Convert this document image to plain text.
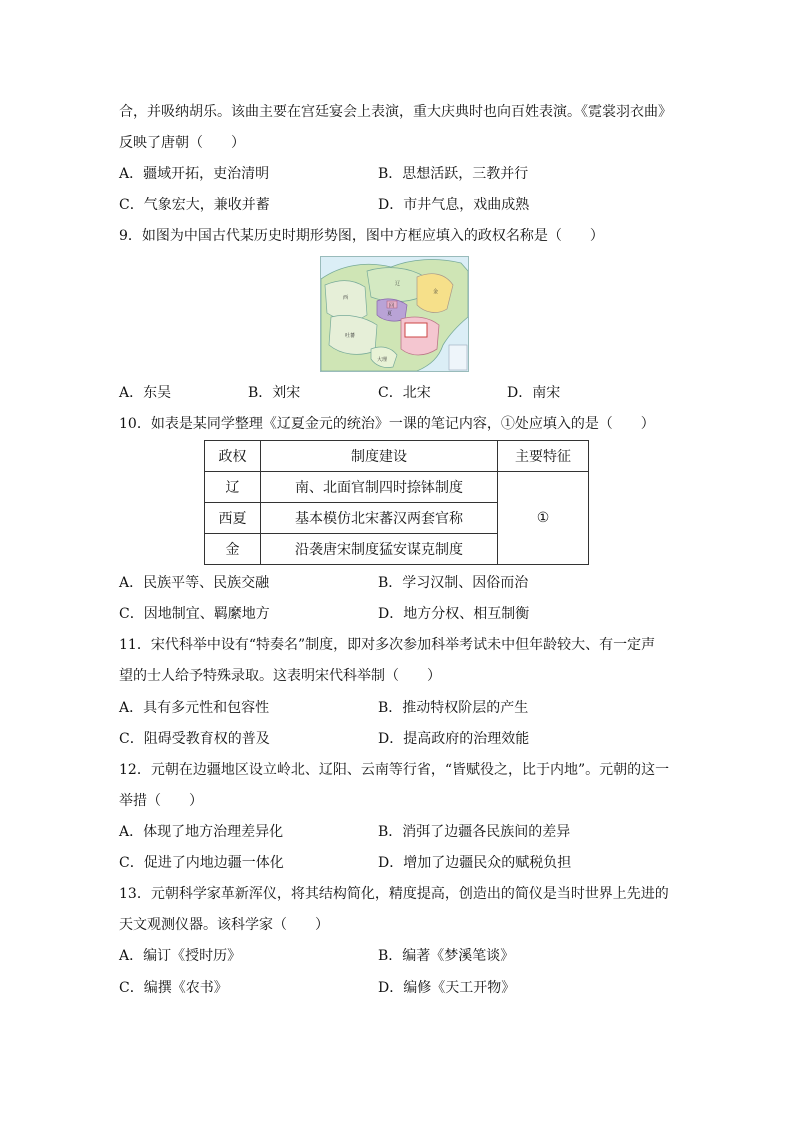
合，并吸纳胡乐。该曲主要在宫廷宴会上表演，重大庆典时也向百姓表演。《霓裳羽衣曲》
反映了唐朝（　　）
A．疆域开拓，吏治清明	B．思想活跃，三教并行
C．气象宏大，兼收并蓄	D．市井气息，戏曲成熟
9．如图为中国古代某历史时期形势图，图中方框应填入的政权名称是（　　）
西
回
夏
金
大理
吐蕃
辽
A．东吴	B．刘宋	C．北宋	D．南宋
10．如表是某同学整理《辽夏金元的统治》一课的笔记内容，①处应填入的是（　　）
政权	制度建设	主要特征
辽	南、北面官制四时捺钵制度	①
西夏	基本模仿北宋蕃汉两套官称	
金	沿袭唐宋制度猛安谋克制度	
A．民族平等、民族交融	B．学习汉制、因俗而治
C．因地制宜、羁縻地方	D．地方分权、相互制衡
11．宋代科举中设有“特奏名”制度，即对多次参加科举考试未中但年龄较大、有一定声
望的士人给予特殊录取。这表明宋代科举制（　　）
A．具有多元性和包容性	B．推动特权阶层的产生
C．阻碍受教育权的普及	D．提高政府的治理效能
12．元朝在边疆地区设立岭北、辽阳、云南等行省，“皆赋役之，比于内地”。元朝的这一
举措（　　）
A．体现了地方治理差异化	B．消弭了边疆各民族间的差异
C．促进了内地边疆一体化	D．增加了边疆民众的赋税负担
13．元朝科学家革新浑仪，将其结构简化，精度提高，创造出的简仪是当时世界上先进的
天文观测仪器。该科学家（　　）
A．编订《授时历》	B．编著《梦溪笔谈》
C．编撰《农书》	D．编修《天工开物》
